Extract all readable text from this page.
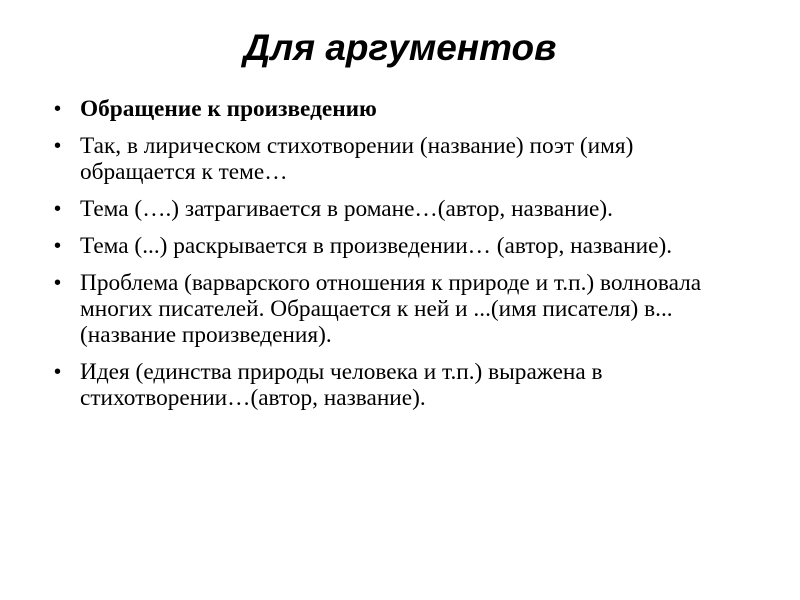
Для аргументов
• Обращение к произведению
• Так, в лирическом стихотворении (название) поэт (имя) обращается к теме…
• Тема (….) затрагивается в романе…(автор, название).
• Тема (...) раскрывается в произведении… (автор, название).
• Проблема (варварского отношения к природе и т.п.) волновала многих писателей. Обращается к ней и ...(имя писателя) в...(название произведения).
• Идея (единства природы человека и т.п.) выражена в стихотворении…(автор, название).
